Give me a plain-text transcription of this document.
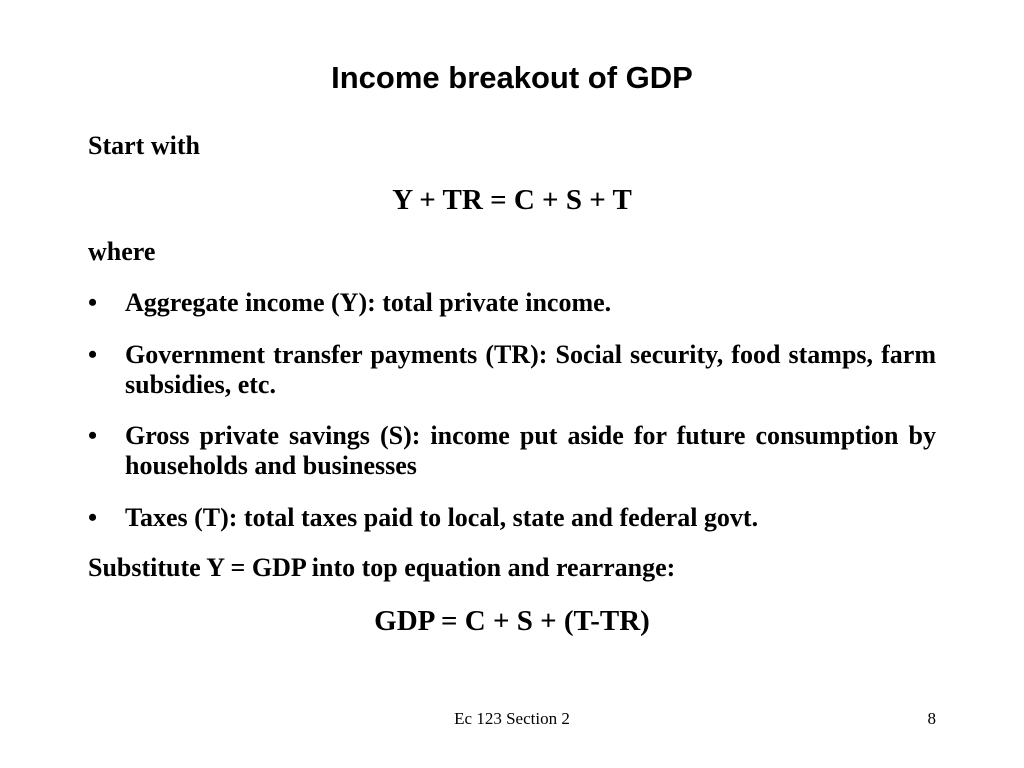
Income breakout of GDP

Start with

Y + TR = C + S + T

where

•	Aggregate income (Y): total private income.
•	Government transfer payments (TR): Social security, food stamps, farm subsidies, etc.
•	Gross private savings (S): income put aside for future consumption by households and businesses
•	Taxes (T): total taxes paid to local, state and federal govt.

Substitute Y = GDP into top equation and rearrange:

GDP = C + S + (T-TR)

Ec 123 Section 2	8
